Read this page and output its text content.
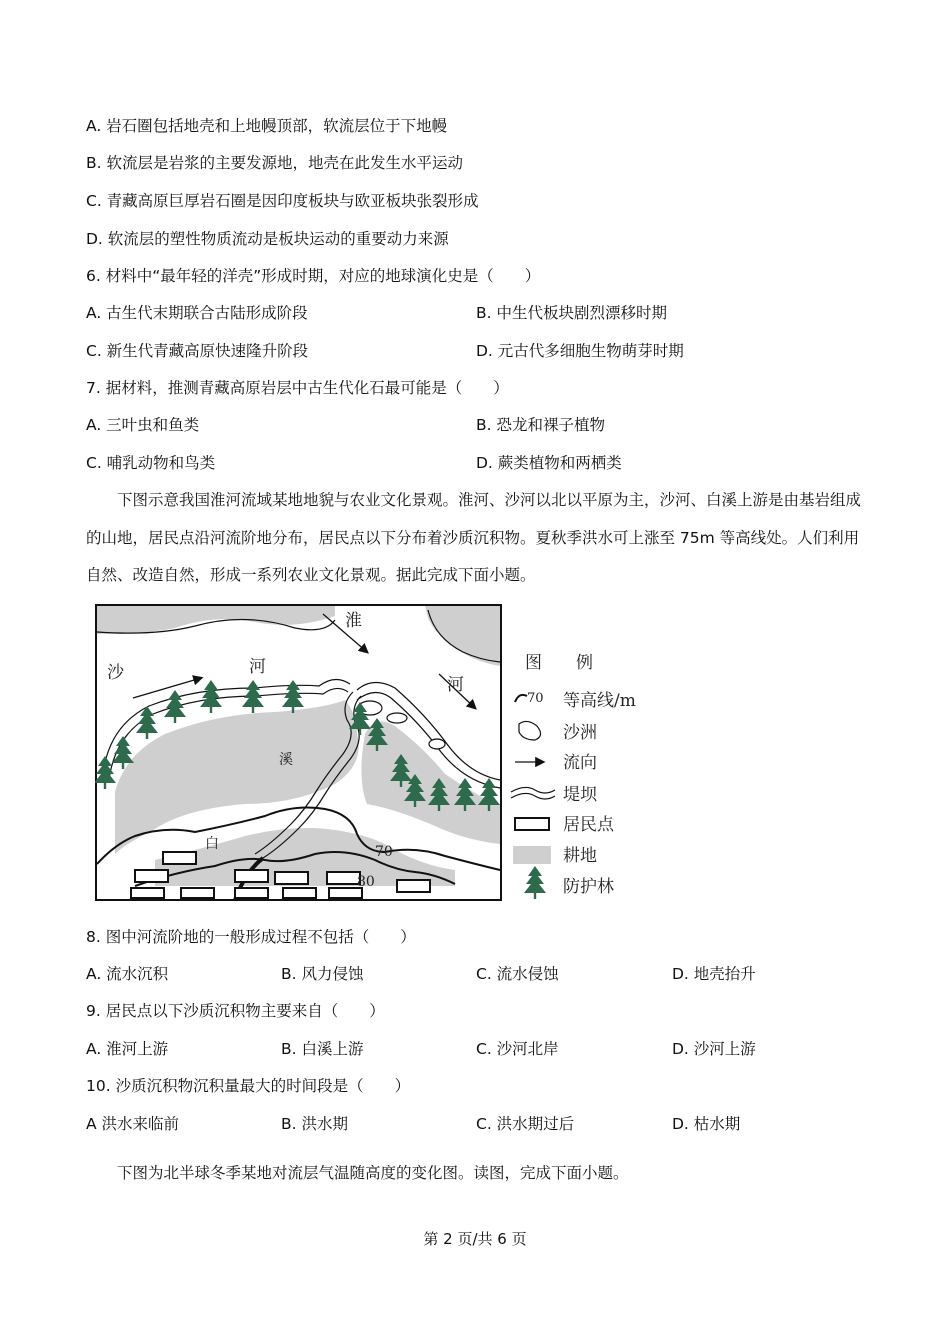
A. 岩石圈包括地壳和上地幔顶部，软流层位于下地幔
B. 软流层是岩浆的主要发源地，地壳在此发生水平运动
C. 青藏高原巨厚岩石圈是因印度板块与欧亚板块张裂形成
D. 软流层的塑性物质流动是板块运动的重要动力来源
6. 材料中“最年轻的洋壳”形成时期，对应的地球演化史是（　　）
A. 古生代末期联合古陆形成阶段	B. 中生代板块剧烈漂移时期
C. 新生代青藏高原快速隆升阶段	D. 元古代多细胞生物萌芽时期
7. 据材料，推测青藏高原岩层中古生代化石最可能是（　　）
A. 三叶虫和鱼类	B. 恐龙和裸子植物
C. 哺乳动物和鸟类	D. 蕨类植物和两栖类
下图示意我国淮河流域某地地貌与农业文化景观。淮河、沙河以北以平原为主，沙河、白溪上游是由基岩组成的山地，居民点沿河流阶地分布，居民点以下分布着沙质沉积物。夏秋季洪水可上涨至 75m 等高线处。人们利用自然、改造自然，形成一系列农业文化景观。据此完成下面小题。
淮
河
沙	河
溪
白	70
80
图　　例
70 等高线/m
沙洲
流向
堤坝
居民点
耕地
防护林
8. 图中河流阶地的一般形成过程不包括（　　）
A. 流水沉积	B. 风力侵蚀	C. 流水侵蚀	D. 地壳抬升
9. 居民点以下沙质沉积物主要来自（　　）
A. 淮河上游	B. 白溪上游	C. 沙河北岸	D. 沙河上游
10. 沙质沉积物沉积量最大的时间段是（　　）
A 洪水来临前	B. 洪水期	C. 洪水期过后	D. 枯水期
下图为北半球冬季某地对流层气温随高度的变化图。读图，完成下面小题。
第 2 页/共 6 页
